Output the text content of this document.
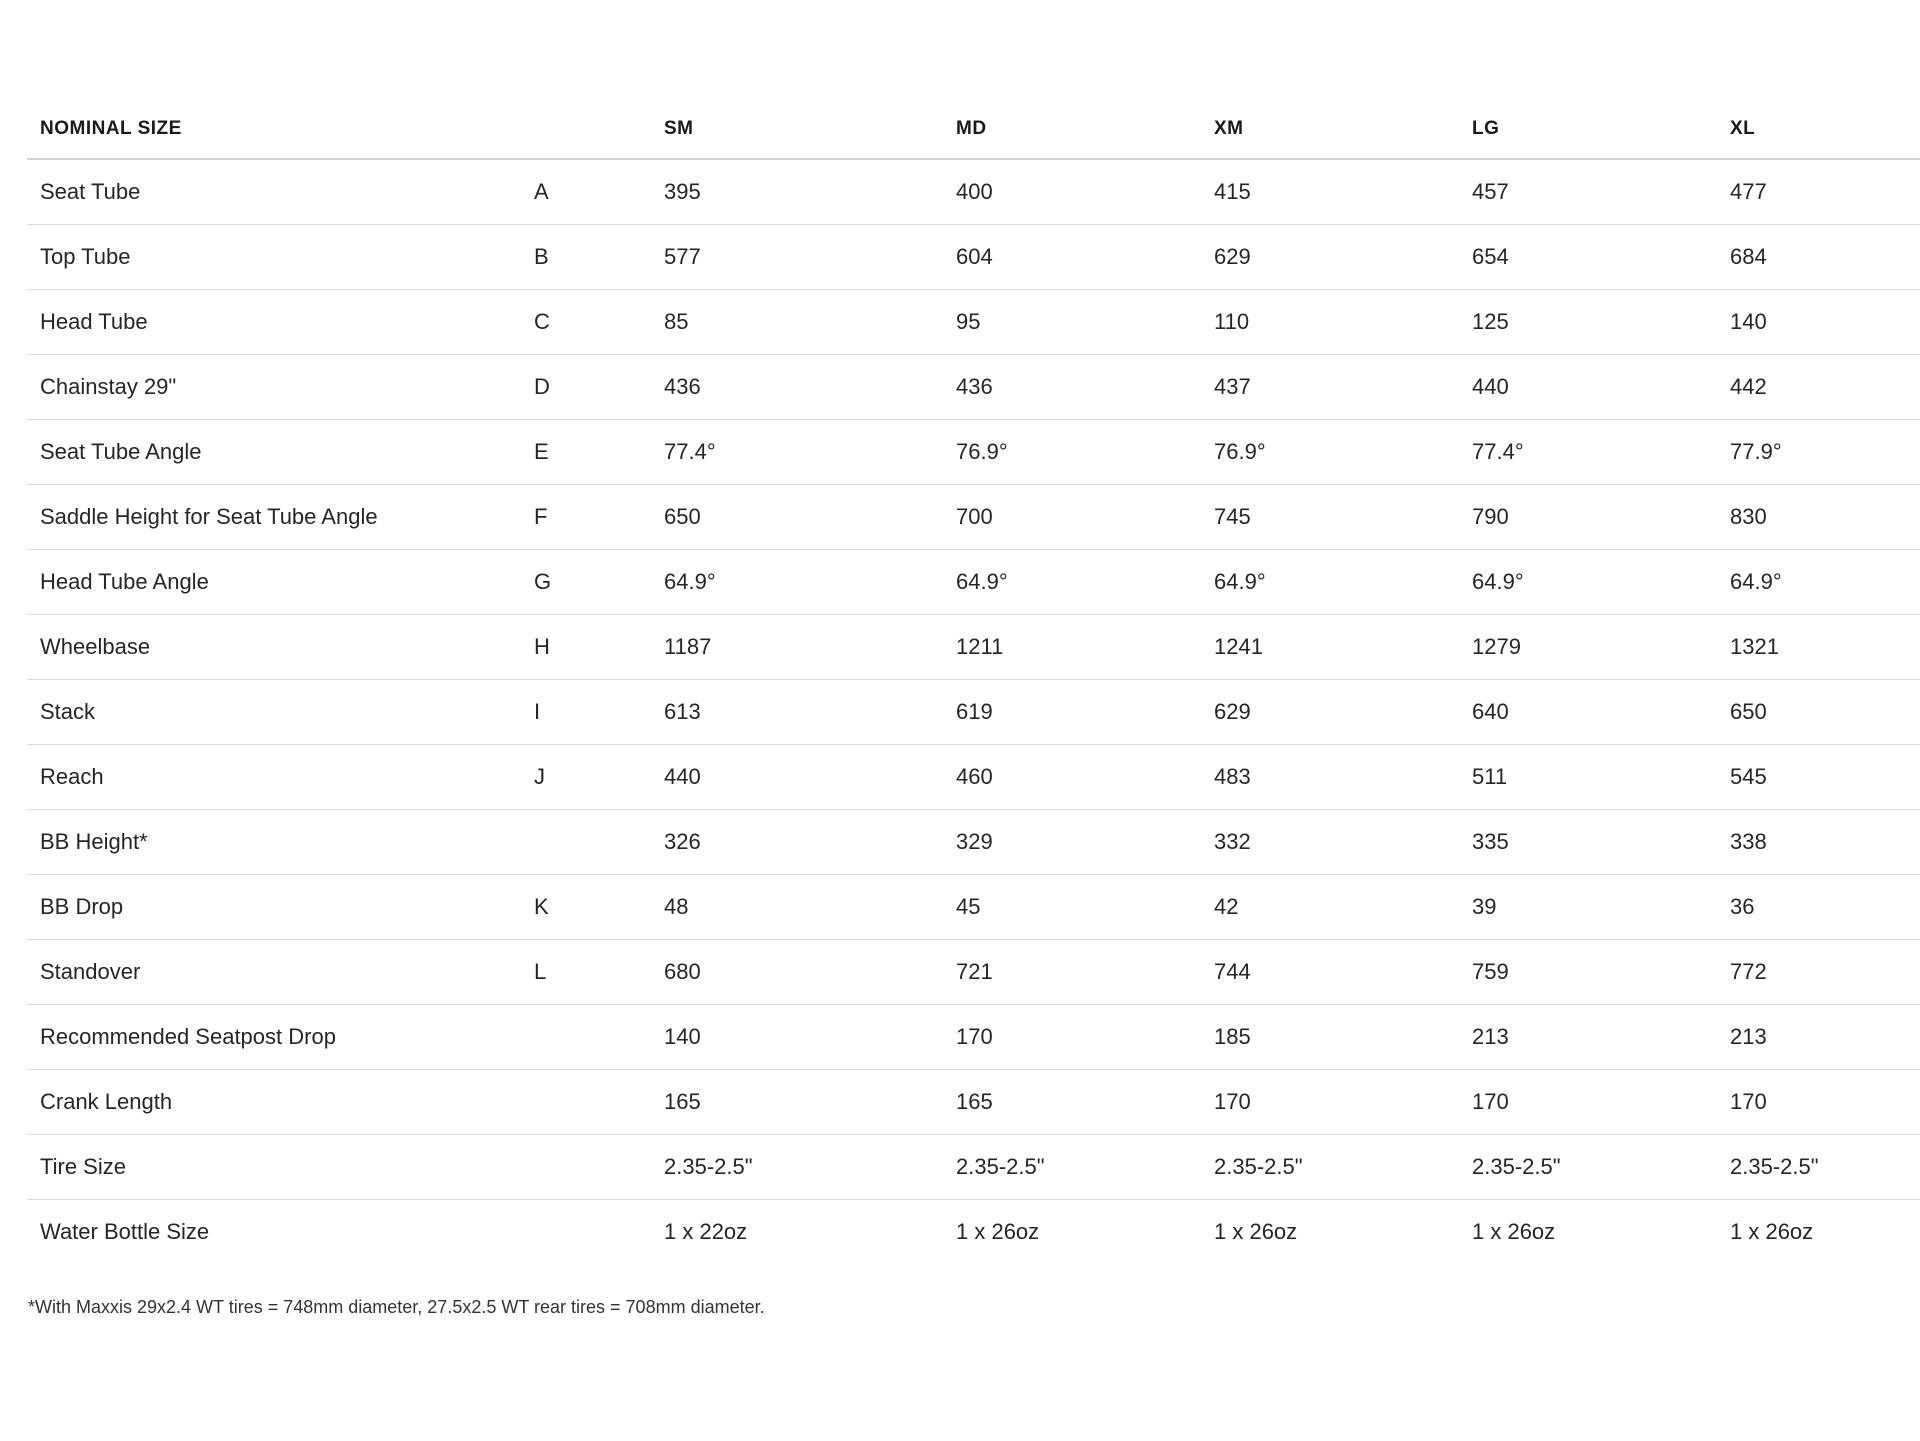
NOMINAL SIZE		SM	MD	XM	LG	XL
Seat Tube	A	395	400	415	457	477
Top Tube	B	577	604	629	654	684
Head Tube	C	85	95	110	125	140
Chainstay 29"	D	436	436	437	440	442
Seat Tube Angle	E	77.4°	76.9°	76.9°	77.4°	77.9°
Saddle Height for Seat Tube Angle	F	650	700	745	790	830
Head Tube Angle	G	64.9°	64.9°	64.9°	64.9°	64.9°
Wheelbase	H	1187	1211	1241	1279	1321
Stack	I	613	619	629	640	650
Reach	J	440	460	483	511	545
BB Height*		326	329	332	335	338
BB Drop	K	48	45	42	39	36
Standover	L	680	721	744	759	772
Recommended Seatpost Drop		140	170	185	213	213
Crank Length		165	165	170	170	170
Tire Size		2.35-2.5"	2.35-2.5"	2.35-2.5"	2.35-2.5"	2.35-2.5"
Water Bottle Size		1 x 22oz	1 x 26oz	1 x 26oz	1 x 26oz	1 x 26oz
*With Maxxis 29x2.4 WT tires = 748mm diameter, 27.5x2.5 WT rear tires = 708mm diameter.
